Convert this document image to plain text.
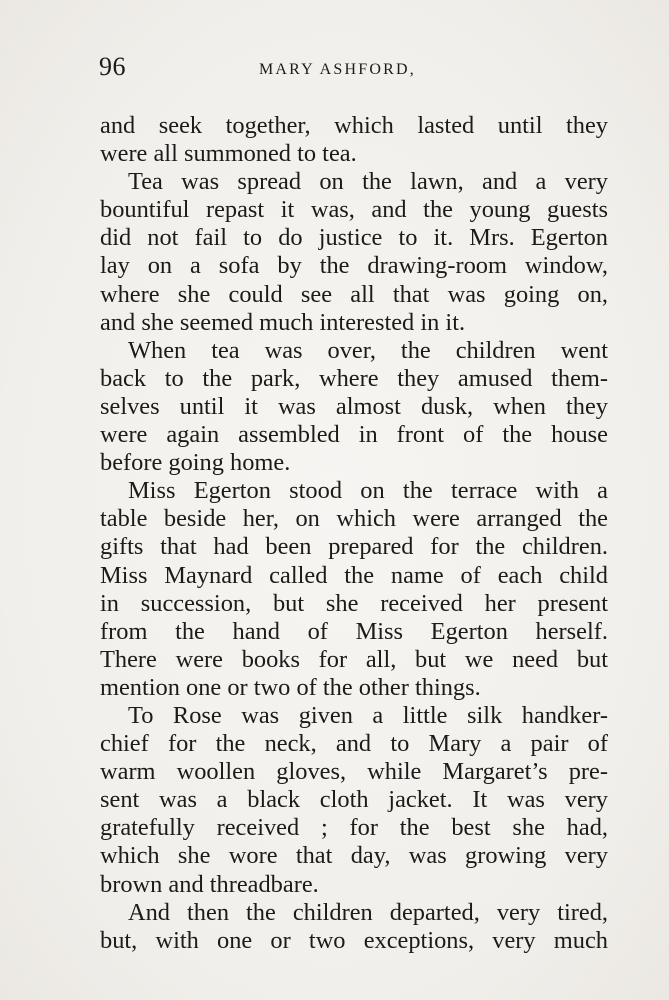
96	MARY ASHFORD,
and seek together, which lasted until they
were all summoned to tea.
Tea was spread on the lawn, and a very
bountiful repast it was, and the young guests
did not fail to do justice to it. Mrs. Egerton
lay on a sofa by the drawing-room window,
where she could see all that was going on,
and she seemed much interested in it.
When tea was over, the children went
back to the park, where they amused them-
selves until it was almost dusk, when they
were again assembled in front of the house
before going home.
Miss Egerton stood on the terrace with a
table beside her, on which were arranged the
gifts that had been prepared for the children.
Miss Maynard called the name of each child
in succession, but she received her present
from the hand of Miss Egerton herself.
There were books for all, but we need but
mention one or two of the other things.
To Rose was given a little silk handker-
chief for the neck, and to Mary a pair of
warm woollen gloves, while Margaret’s pre-
sent was a black cloth jacket. It was very
gratefully received ; for the best she had,
which she wore that day, was growing very
brown and threadbare.
And then the children departed, very tired,
but, with one or two exceptions, very much
